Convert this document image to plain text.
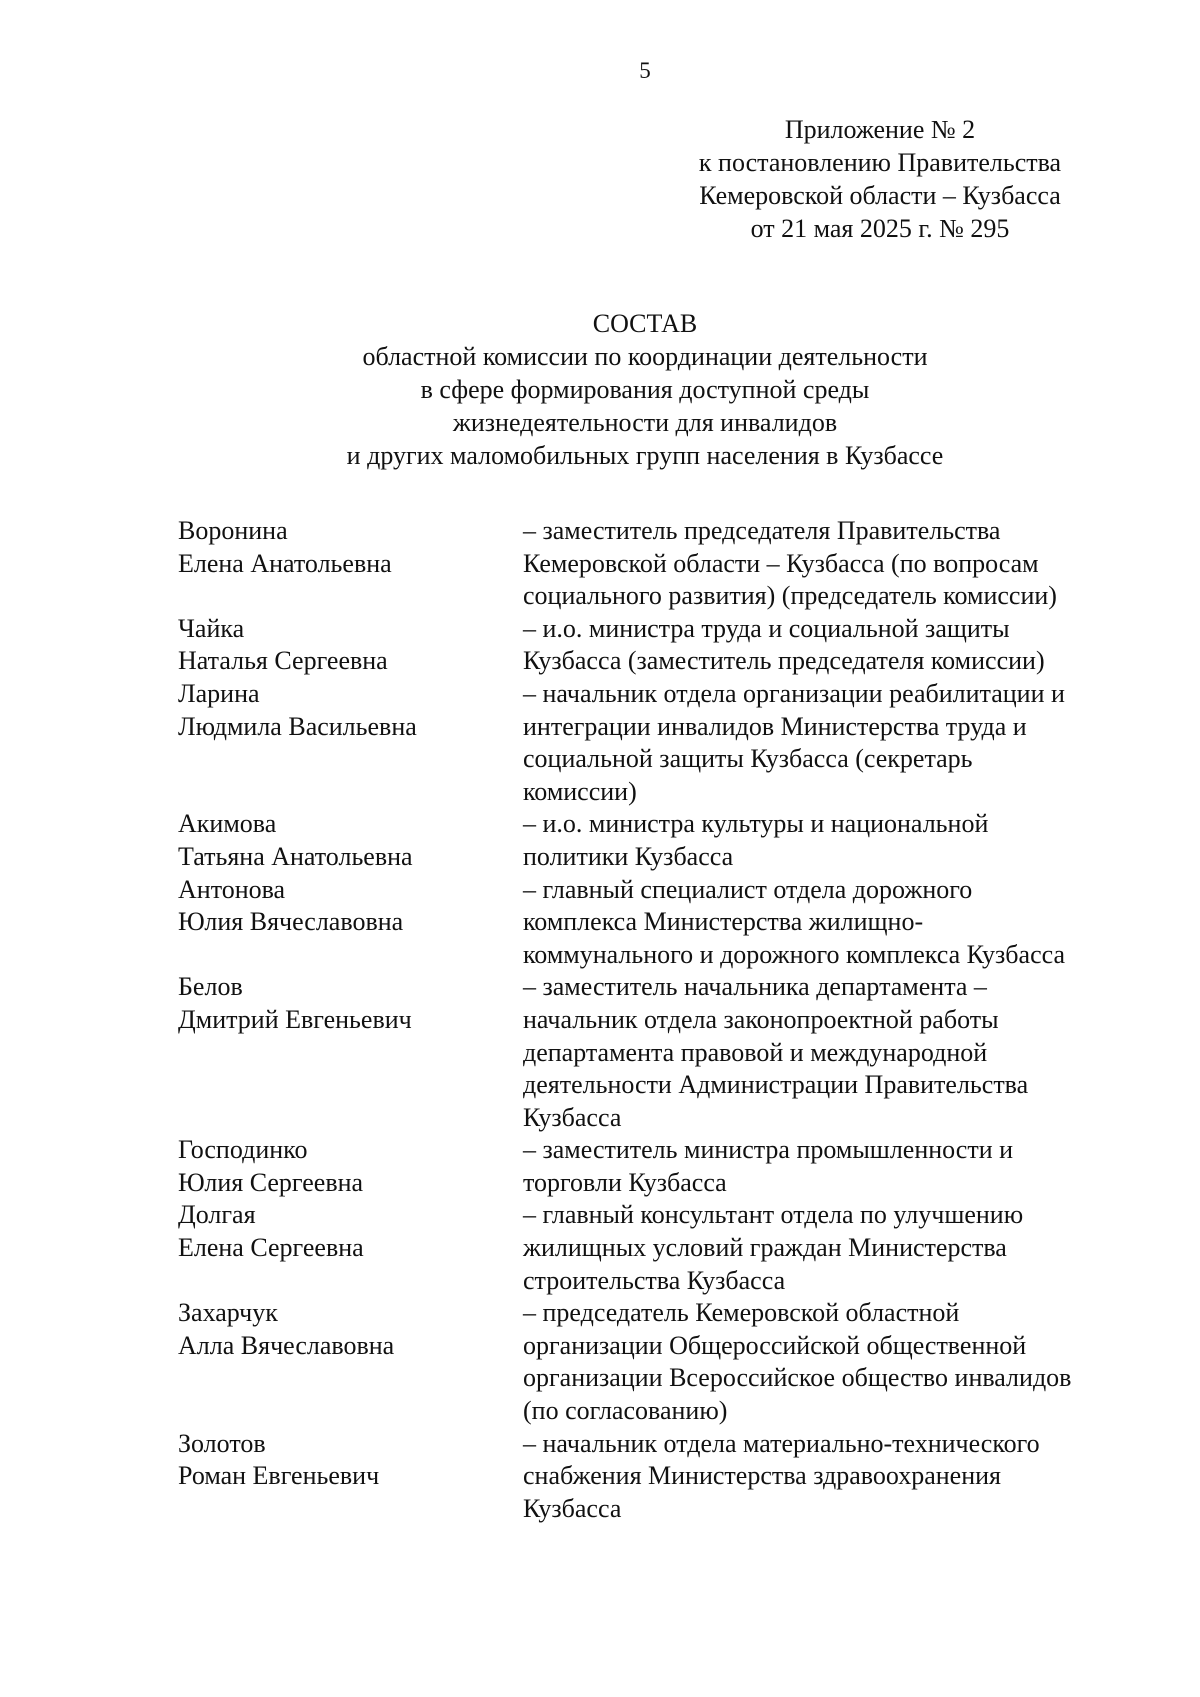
5
Приложение № 2
к постановлению Правительства
Кемеровской области – Кузбасса
от 21 мая 2025 г. № 295
СОСТАВ
областной комиссии по координации деятельности
в сфере формирования доступной среды
жизнедеятельности для инвалидов
и других маломобильных групп населения в Кузбассе
Воронина
Елена Анатольевна
– заместитель председателя Правительства
Кемеровской области – Кузбасса (по вопросам
социального развития) (председатель комиссии)
Чайка
Наталья Сергеевна
– и.о. министра труда и социальной защиты
Кузбасса (заместитель председателя комиссии)
Ларина
Людмила Васильевна
– начальник отдела организации реабилитации и
интеграции инвалидов Министерства труда и
социальной защиты Кузбасса (секретарь
комиссии)
Акимова
Татьяна Анатольевна
– и.о. министра культуры и национальной
политики Кузбасса
Антонова
Юлия Вячеславовна
– главный специалист отдела дорожного
комплекса Министерства жилищно-
коммунального и дорожного комплекса Кузбасса
Белов
Дмитрий Евгеньевич
– заместитель начальника департамента –
начальник отдела законопроектной работы
департамента правовой и международной
деятельности Администрации Правительства
Кузбасса
Господинко
Юлия Сергеевна
– заместитель министра промышленности и
торговли Кузбасса
Долгая
Елена Сергеевна
– главный консультант отдела по улучшению
жилищных условий граждан Министерства
строительства Кузбасса
Захарчук
Алла Вячеславовна
– председатель Кемеровской областной
организации Общероссийской общественной
организации Всероссийское общество инвалидов
(по согласованию)
Золотов
Роман Евгеньевич
– начальник отдела материально-технического
снабжения Министерства здравоохранения
Кузбасса
